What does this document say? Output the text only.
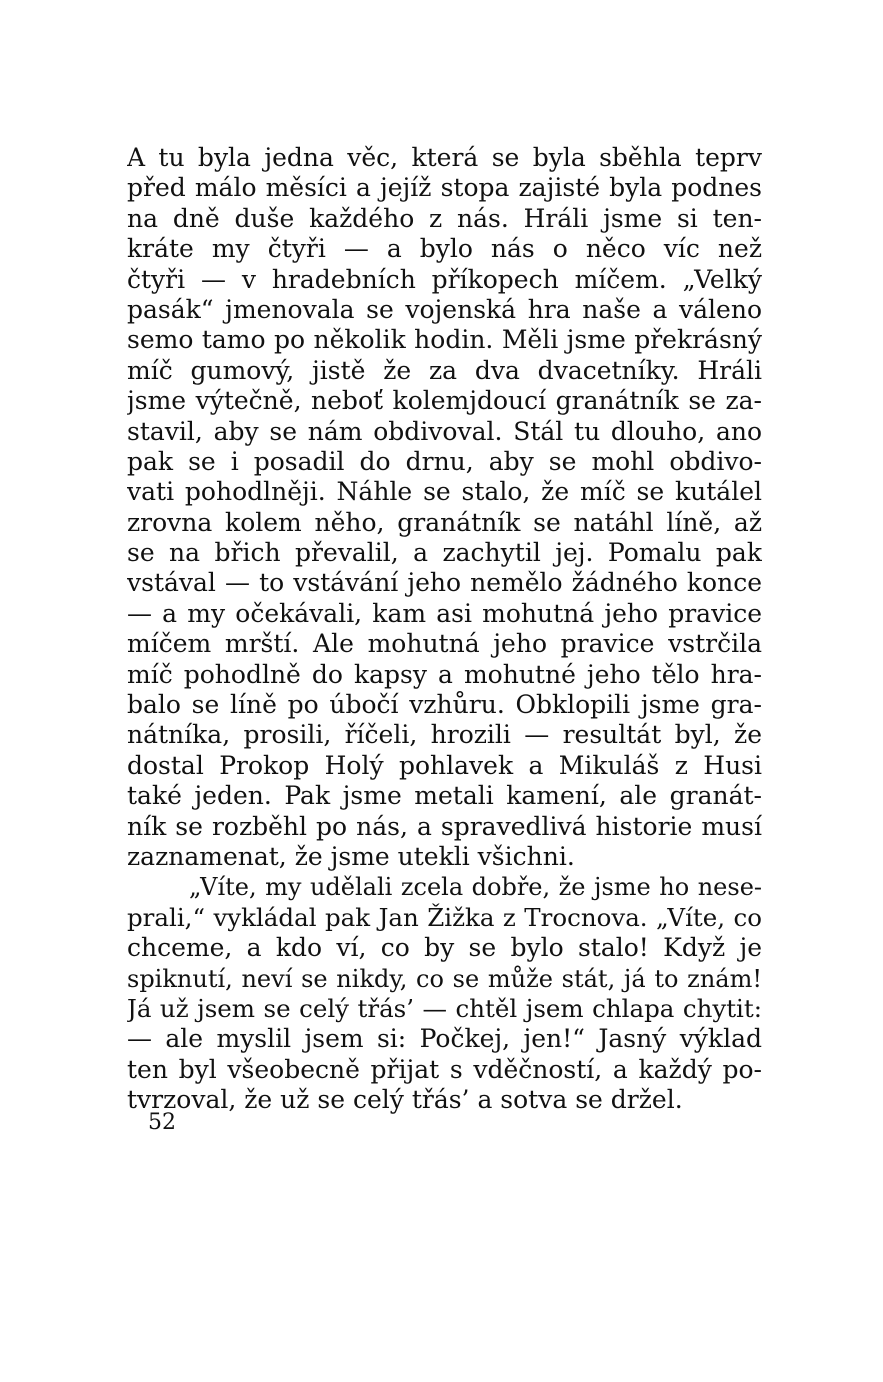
A tu byla jedna věc, která se byla sběhla teprv
před málo měsíci a jejíž stopa zajisté byla podnes
na dně duše každého z nás. Hráli jsme si ten-
kráte my čtyři — a bylo nás o něco víc než
čtyři — v hradebních příkopech míčem. „Velký
pasák“ jmenovala se vojenská hra naše a váleno
semo tamo po několik hodin. Měli jsme překrásný
míč gumový, jistě že za dva dvacetníky. Hráli
jsme výtečně, neboť kolemjdoucí granátník se za-
stavil, aby se nám obdivoval. Stál tu dlouho, ano
pak se i posadil do drnu, aby se mohl obdivo-
vati pohodlněji. Náhle se stalo, že míč se kutálel
zrovna kolem něho, granátník se natáhl líně, až
se na břich převalil, a zachytil jej. Pomalu pak
vstával — to vstávání jeho nemělo žádného konce
— a my očekávali, kam asi mohutná jeho pravice
míčem mrští. Ale mohutná jeho pravice vstrčila
míč pohodlně do kapsy a mohutné jeho tělo hra-
balo se líně po úbočí vzhůru. Obklopili jsme gra-
nátníka, prosili, říčeli, hrozili — resultát byl, že
dostal Prokop Holý pohlavek a Mikuláš z Husi
také jeden. Pak jsme metali kamení, ale granát-
ník se rozběhl po nás, a spravedlivá historie musí
zaznamenat, že jsme utekli všichni.
„Víte, my udělali zcela dobře, že jsme ho nese-
prali,“ vykládal pak Jan Žižka z Trocnova. „Víte, co
chceme, a kdo ví, co by se bylo stalo! Když je
spiknutí, neví se nikdy, co se může stát, já to znám!
Já už jsem se celý třás’ — chtěl jsem chlapa chytit:
— ale myslil jsem si: Počkej, jen!“ Jasný výklad
ten byl všeobecně přijat s vděčností, a každý po-
tvrzoval, že už se celý třás’ a sotva se držel.
52
